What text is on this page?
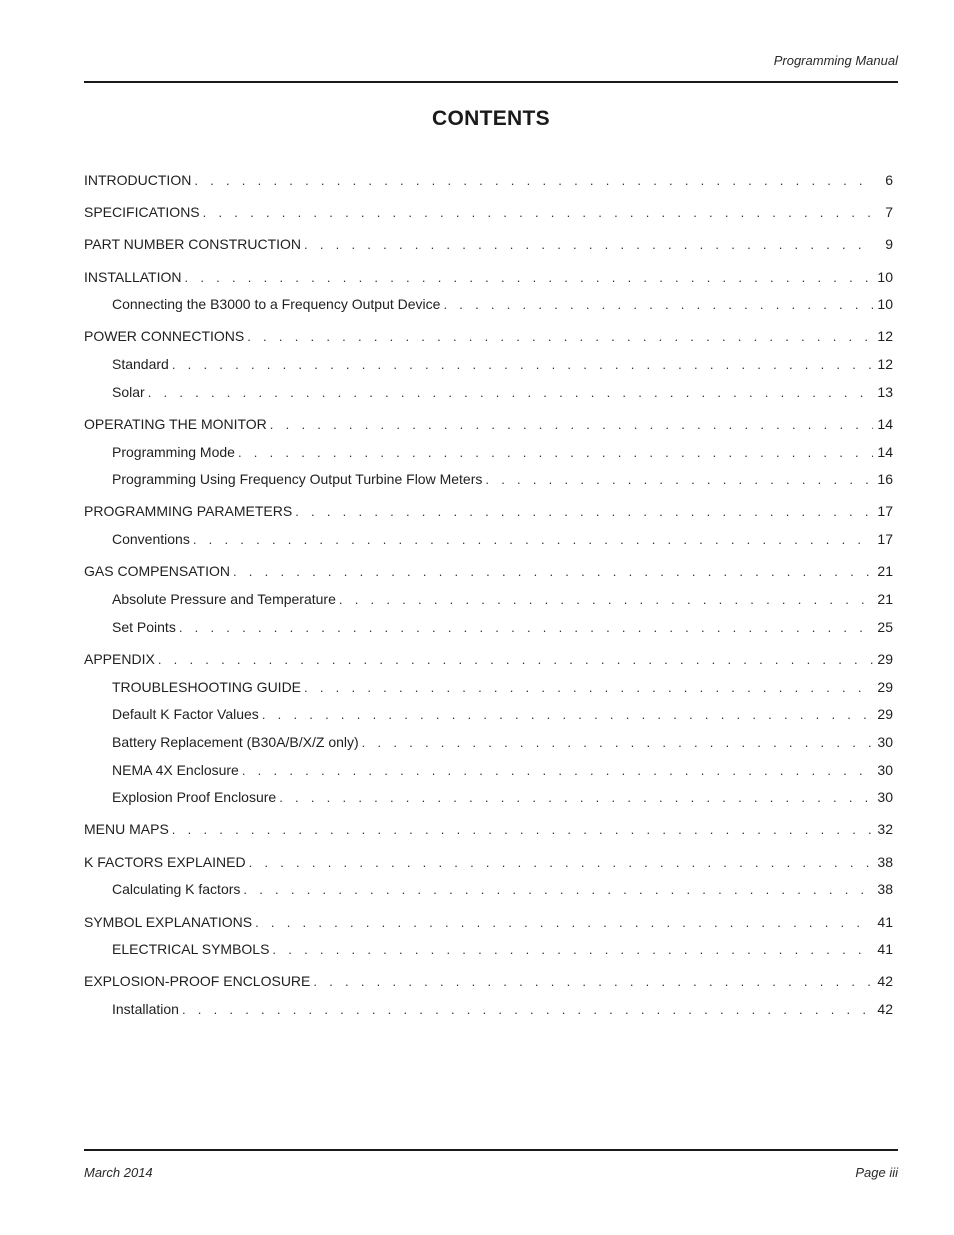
Programming Manual
CONTENTS
INTRODUCTION . . .	6
SPECIFICATIONS . . .	7
PART NUMBER CONSTRUCTION . . .	9
INSTALLATION . . .	10
Connecting the B3000 to a Frequency Output Device . . .	10
POWER CONNECTIONS . . .	12
Standard . . .	12
Solar . . .	13
OPERATING THE MONITOR . . .	14
Programming Mode . . .	14
Programming Using Frequency Output Turbine Flow Meters . . .	16
PROGRAMMING PARAMETERS . . .	17
Conventions . . .	17
GAS COMPENSATION . . .	21
Absolute Pressure and Temperature . . .	21
Set Points . . .	25
APPENDIX . . .	29
TROUBLESHOOTING GUIDE . . .	29
Default K Factor Values . . .	29
Battery Replacement (B30A/B/X/Z only) . . .	30
NEMA 4X Enclosure . . .	30
Explosion Proof Enclosure . . .	30
MENU MAPS . . .	32
K FACTORS EXPLAINED . . .	38
Calculating K factors . . .	38
SYMBOL EXPLANATIONS . . .	41
ELECTRICAL SYMBOLS . . .	41
EXPLOSION-PROOF ENCLOSURE . . .	42
Installation . . .	42
March 2014	Page iii
